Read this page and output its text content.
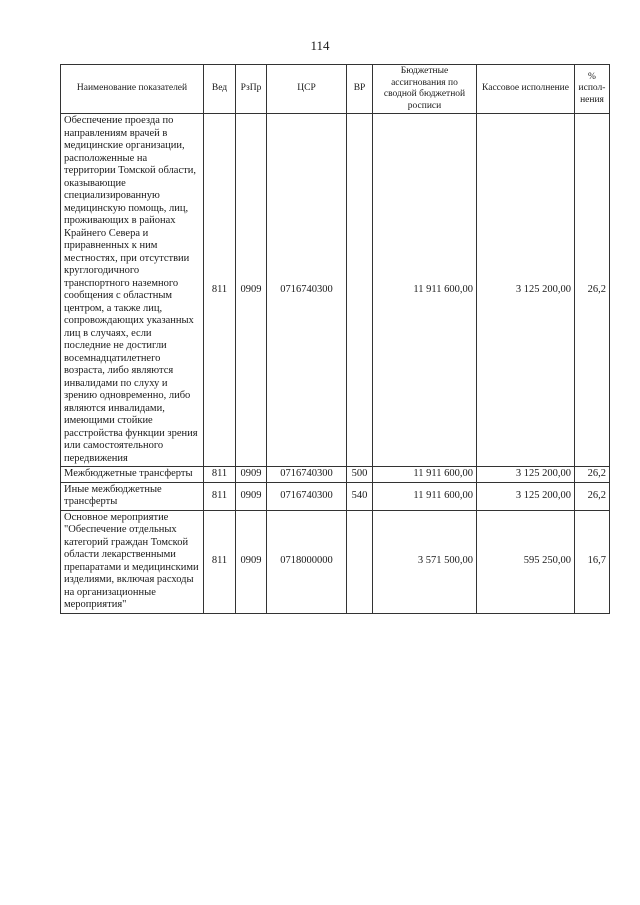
114
Наименование показателей	Вед	РзПр	ЦСР	ВР	Бюджетные ассигнования по сводной бюджетной росписи	Кассовое исполнение	% испол-нения
Обеспечение проезда по направлениям врачей в медицинские организации, расположенные на территории Томской области, оказывающие специализированную медицинскую помощь, лиц, проживающих в районах Крайнего Севера и приравненных к ним местностях, при отсутствии круглогодичного транспортного наземного сообщения с областным центром, а также лиц, сопровождающих указанных лиц в случаях, если последние не достигли восемнадцатилетнего возраста, либо являются инвалидами по слуху и зрению одновременно, либо являются инвалидами, имеющими стойкие расстройства функции зрения или самостоятельного передвижения	811	0909	0716740300		11 911 600,00	3 125 200,00	26,2
Межбюджетные трансферты	811	0909	0716740300	500	11 911 600,00	3 125 200,00	26,2
Иные межбюджетные трансферты	811	0909	0716740300	540	11 911 600,00	3 125 200,00	26,2
Основное мероприятие "Обеспечение отдельных категорий граждан Томской области лекарственными препаратами и медицинскими изделиями, включая расходы на организационные мероприятия"	811	0909	0718000000		3 571 500,00	595 250,00	16,7
